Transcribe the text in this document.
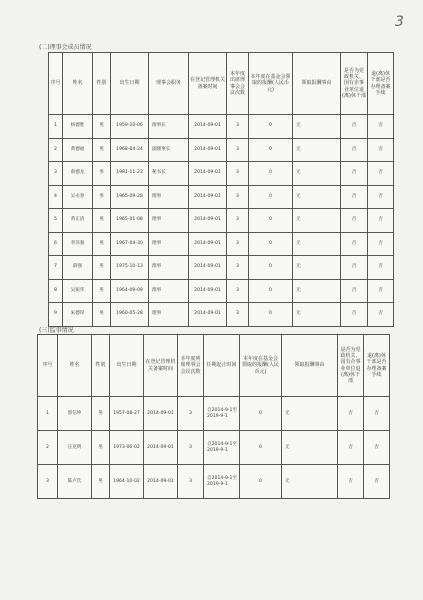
3
(二)理事会成员情况
序号	姓名	性别	出生日期	理事会职务	在登记管理机关备案时间	本年度出席理事会会议次数	本年度在基金会领取的报酬(人民币元)	领取报酬事由	是否为党政机关、国有企事业单位退(离)休干部	退(离)休干部是否办理备案手续
1	杨德胜	男	1959-10-06	理事长	2014-09-01	3	0	无	否	否
2	黄德福	男	1968-04-24	副理事长	2014-09-01	3	0	无	否	否
3	俞德龙	男	1981-11-23	秘书长	2014-09-01	3	0	无	否	否
4	吴永春	男	1965-09-28	理事	2014-09-01	3	0	无	否	否
5	黄正清	男	1965-01-08	理事	2014-09-01	3	0	无	否	否
6	李泽强	男	1967-04-30	理事	2014-09-01	3	0	无	否	否
7	薛强	男	1975-10-13	理事	2014-09-01	3	0	无	否	否
8	吴振华	男	1964-09-09	理事	2014-09-01	3	0	无	否	否
9	朱德厚	男	1960-05-28	理事	2014-09-01	3	0	无	否	否
(三)监事情况
序号	姓名	性别	出生日期	在登记管理机关备案时间	本年度列席理事会会议次数	任期起止时间	本年度在基金会领取的报酬(人民币元)	领取报酬事由	是否为党政机关、国有企事业单位退(离)休干部	退(离)休干部是否办理备案手续
1	郭信坤	男	1957-08-27	2014-09-01	3	自2014-9-1至2019-9-1	0	无	否	否
2	汪克明	男	1973-06-02	2014-09-01	3	自2014-9-1至2019-9-1	0	无	否	否
3	陈卢氏	男	1964-10-02	2014-09-01	3	自2014-9-1至2019-9-1	0	无	否	否
